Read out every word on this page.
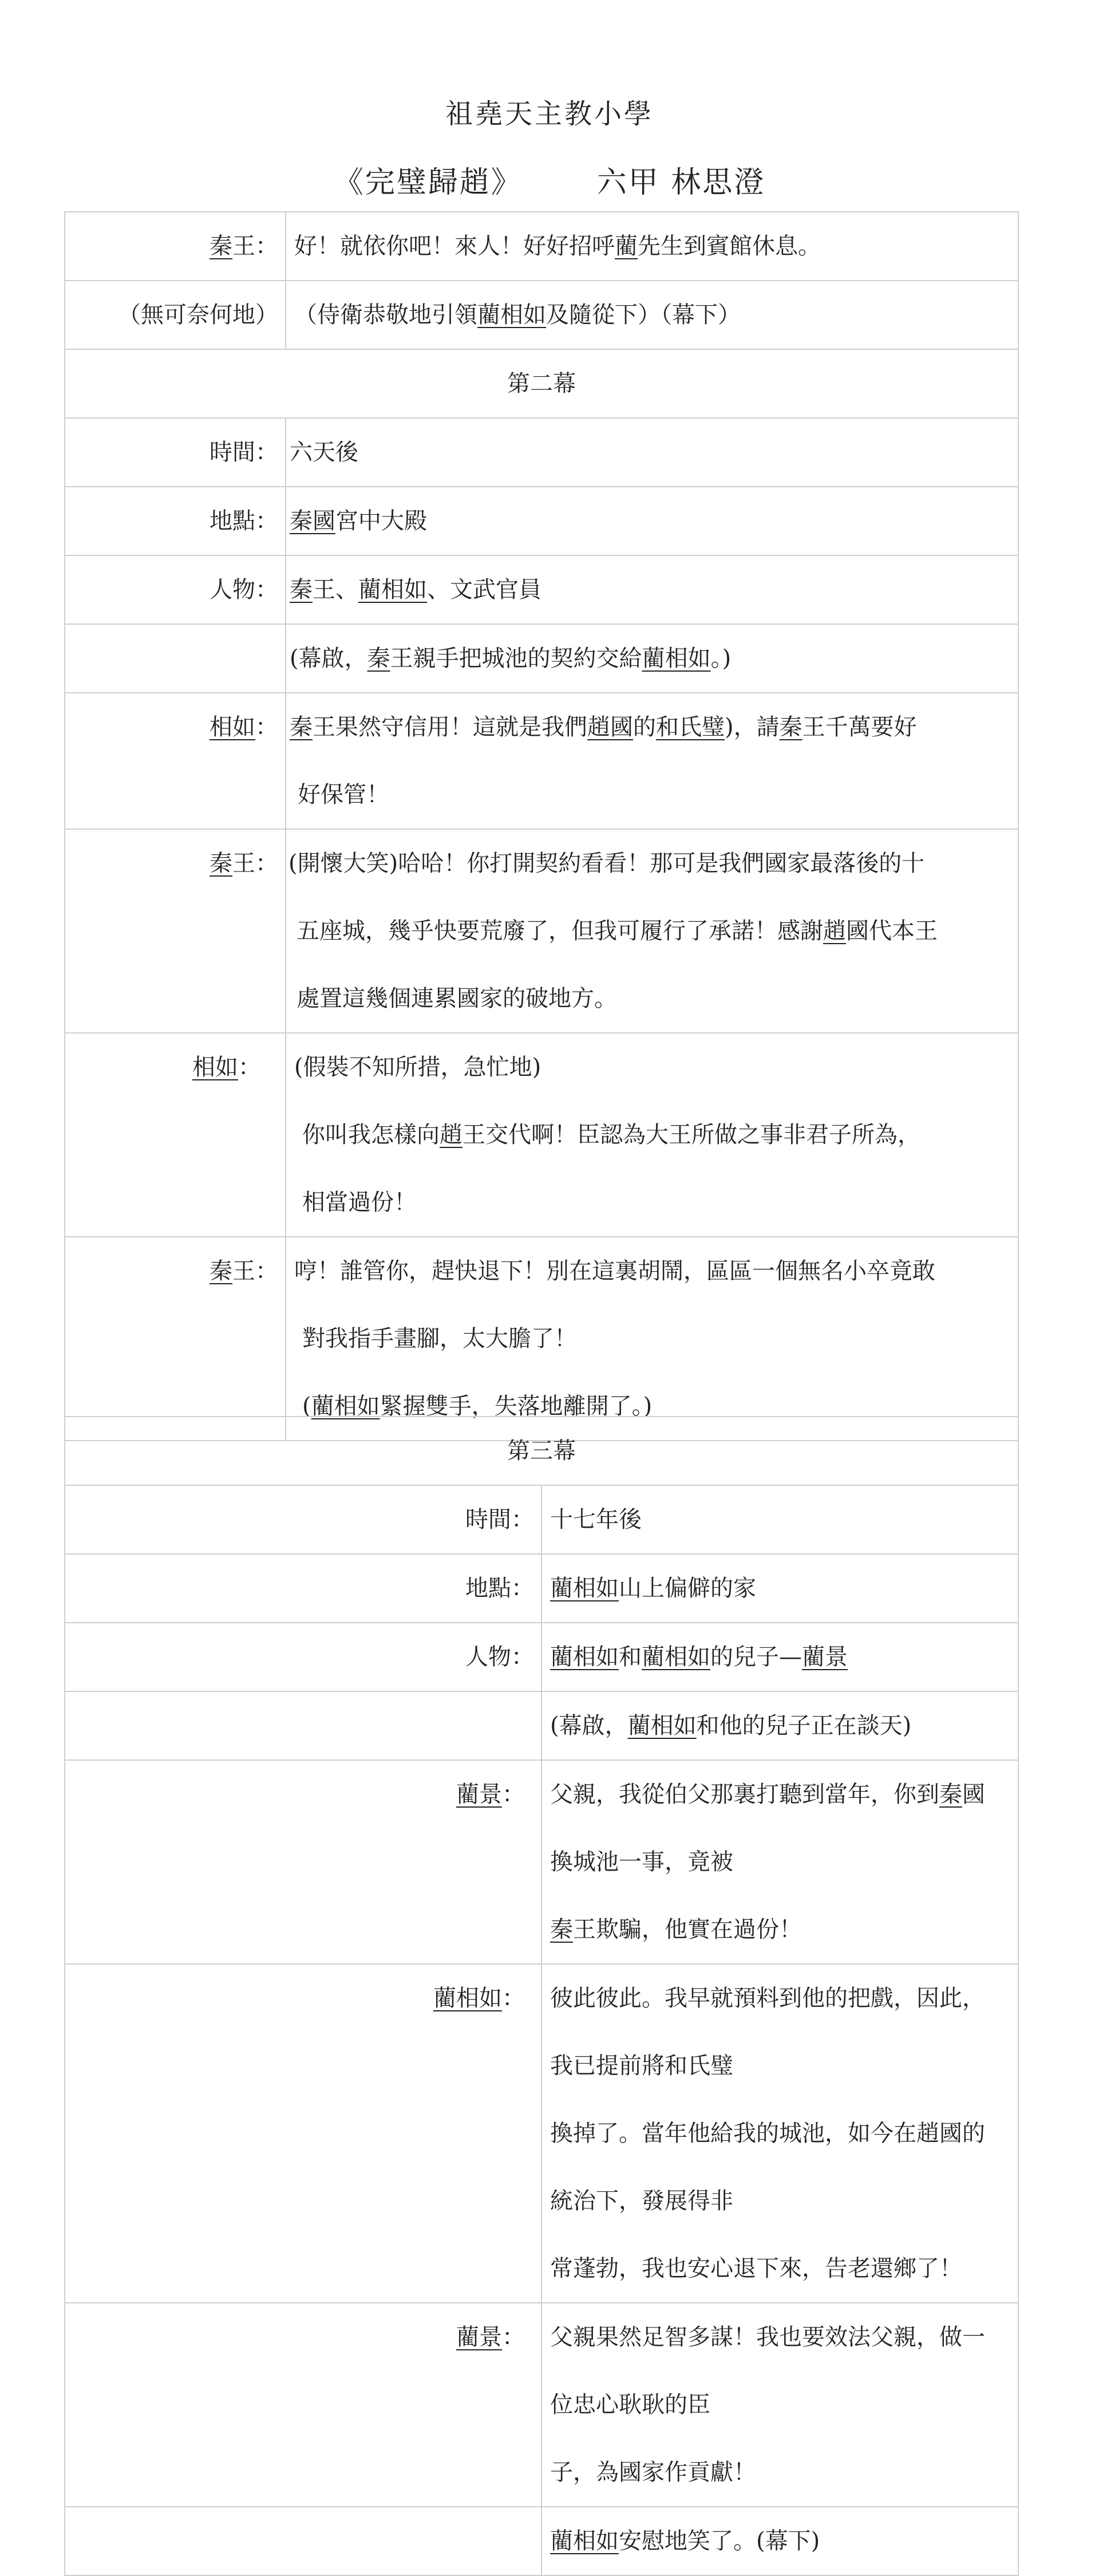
祖堯天主教小學
《完璧歸趙》	六甲 林思澄
秦王：	好！就依你吧！來人！好好招呼藺先生到賓館休息。
（無可奈何地）	（侍衛恭敬地引領藺相如及隨從下）（幕下）
第二幕	
時間：	六天後
地點：	秦國宮中大殿
人物：	秦王、藺相如、文武官員
	(幕啟，秦王親手把城池的契約交給藺相如。)
相如：	秦王果然守信用！這就是我們趙國的和氏璧)，請秦王千萬要好
好保管！

秦王：	(開懷大笑)哈哈！你打開契約看看！那可是我們國家最落後的十
五座城，幾乎快要荒廢了，但我可履行了承諾！感謝趙國代本王
處置這幾個連累國家的破地方。

相如：	(假裝不知所措，急忙地)
你叫我怎樣向趙王交代啊！臣認為大王所做之事非君子所為，
相當過份！

秦王：	哼！誰管你，趕快退下！別在這裏胡鬧，區區一個無名小卒竟敢
對我指手畫腳，太大膽了！
(藺相如緊握雙手，失落地離開了。)
第三幕	
時間：	十七年後
地點：	藺相如山上偏僻的家
人物：	藺相如和藺相如的兒子—藺景
	(幕啟，藺相如和他的兒子正在談天)
藺景：	父親，我從伯父那裏打聽到當年，你到秦國換城池一事，竟被
秦王欺騙，他實在過份！

藺相如：	彼此彼此。我早就預料到他的把戲，因此，我已提前將和氏璧
換掉了。當年他給我的城池，如今在趙國的統治下，發展得非
常蓬勃，我也安心退下來，告老還鄉了！

藺景：	父親果然足智多謀！我也要效法父親，做一位忠心耿耿的臣
子，為國家作貢獻！

	藺相如安慰地笑了。(幕下)
